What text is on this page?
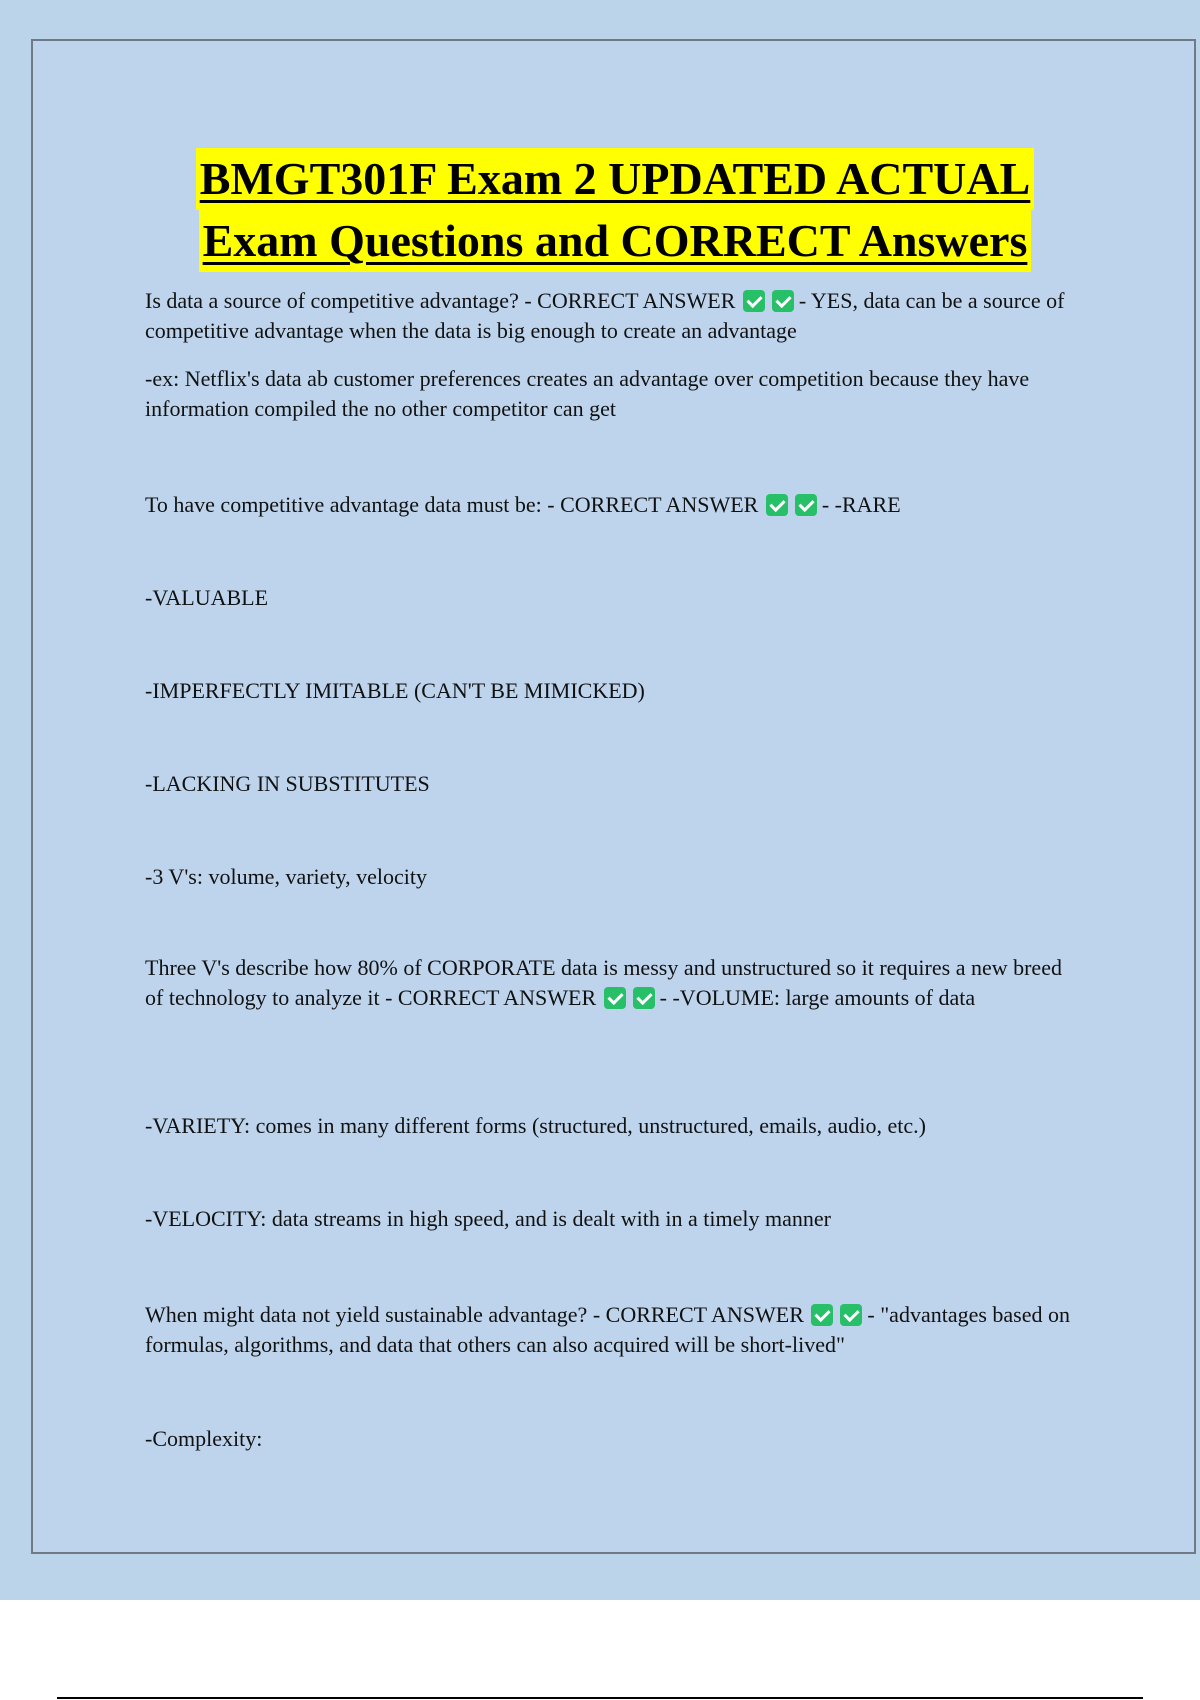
BMGT301F Exam 2 UPDATED ACTUAL
Exam Questions and CORRECT Answers
Is data a source of competitive advantage? - CORRECT ANSWER	- YES, data can be a source of competitive advantage when the data is big enough to create an advantage
-ex: Netflix's data ab customer preferences creates an advantage over competition because they have information compiled the no other competitor can get
To have competitive advantage data must be: - CORRECT ANSWER	- -RARE
-VALUABLE
-IMPERFECTLY IMITABLE (CAN'T BE MIMICKED)
-LACKING IN SUBSTITUTES
-3 V's: volume, variety, velocity
Three V's describe how 80% of CORPORATE data is messy and unstructured so it requires a new breed of technology to analyze it - CORRECT ANSWER	- -VOLUME: large amounts of data
-VARIETY: comes in many different forms (structured, unstructured, emails, audio, etc.)
-VELOCITY: data streams in high speed, and is dealt with in a timely manner
When might data not yield sustainable advantage? - CORRECT ANSWER	- "advantages based on formulas, algorithms, and data that others can also acquired will be short-lived"
-Complexity:
